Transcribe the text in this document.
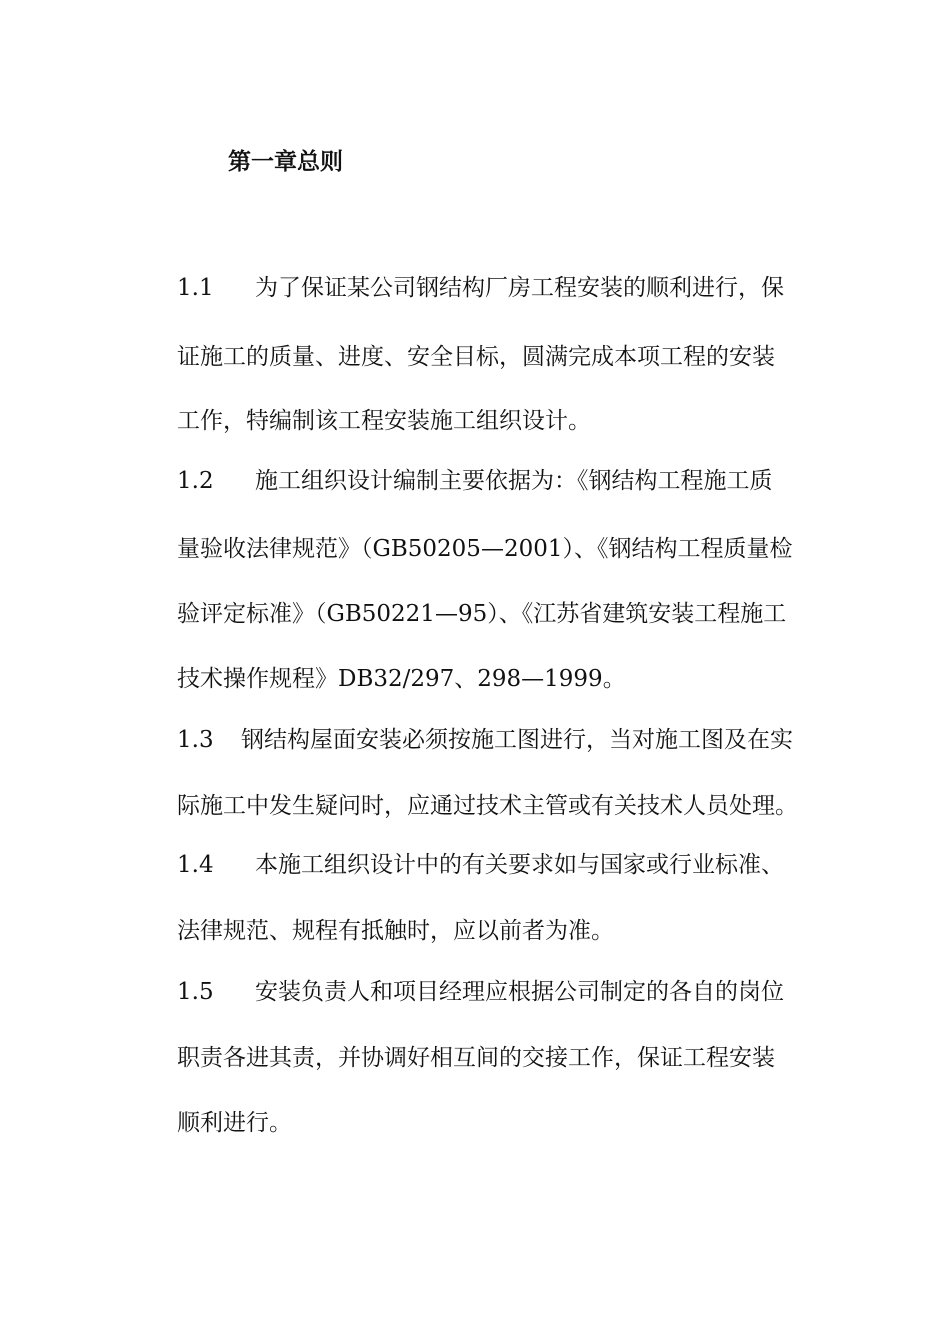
第一章总则

1.1 为了保证某公司钢结构厂房工程安装的顺利进行，保

证施工的质量、进度、安全目标，圆满完成本项工程的安装

工作，特编制该工程安装施工组织设计。

1.2 施工组织设计编制主要依据为：《钢结构工程施工质

量验收法律规范》（GB50205—2001）、《钢结构工程质量检

验评定标准》（GB50221—95）、《江苏省建筑安装工程施工

技术操作规程》DB32/297、298—1999。

1.3 钢结构屋面安装必须按施工图进行，当对施工图及在实

际施工中发生疑问时，应通过技术主管或有关技术人员处理。

1.4 本施工组织设计中的有关要求如与国家或行业标准、

法律规范、规程有抵触时，应以前者为准。

1.5 安装负责人和项目经理应根据公司制定的各自的岗位

职责各进其责，并协调好相互间的交接工作，保证工程安装

顺利进行。
